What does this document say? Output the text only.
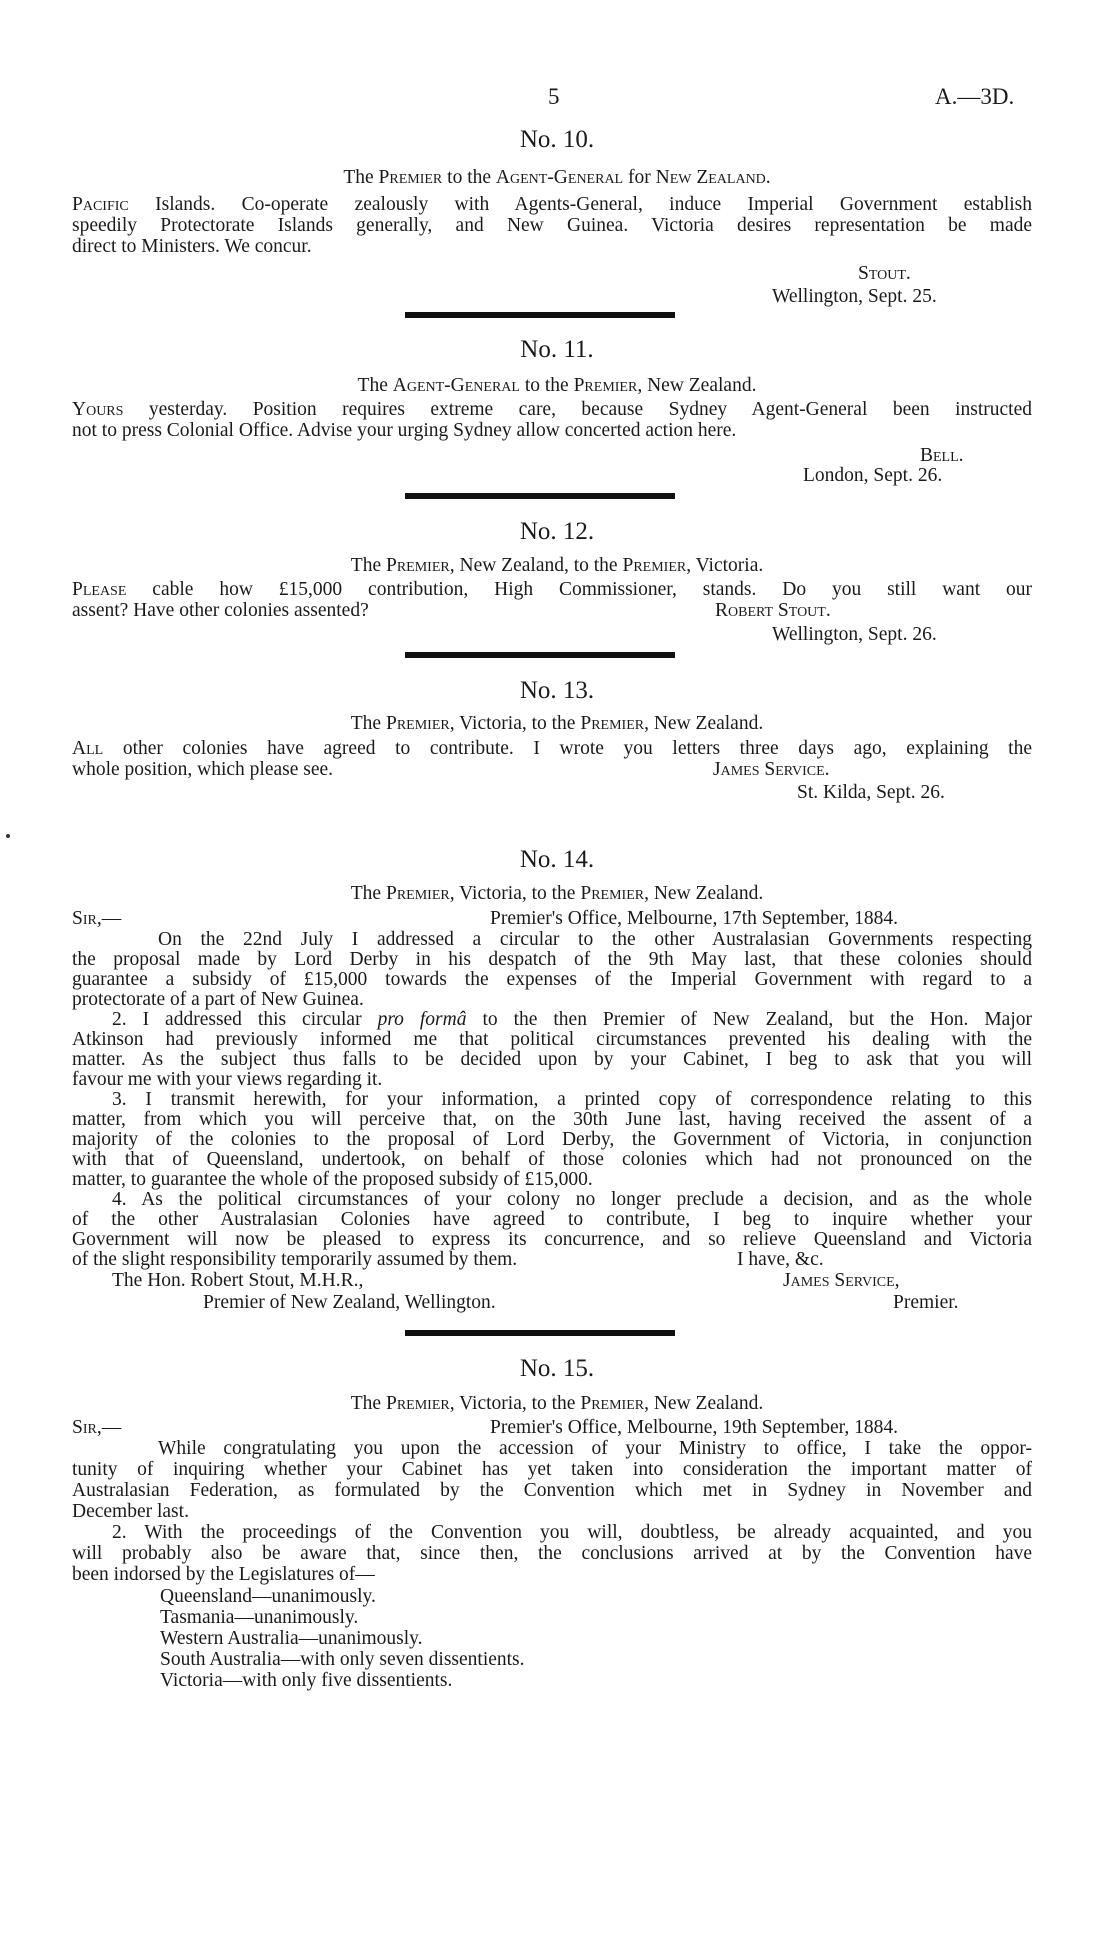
5	A.—3D.
No. 10.
The Premier to the Agent-General for New Zealand.
Pacific Islands. Co-operate zealously with Agents-General, induce Imperial Government establish
speedily Protectorate Islands generally, and New Guinea. Victoria desires representation be made
direct to Ministers. We concur.
Stout.
Wellington, Sept. 25.
No. 11.
The Agent-General to the Premier, New Zealand.
Yours yesterday. Position requires extreme care, because Sydney Agent-General been instructed
not to press Colonial Office. Advise your urging Sydney allow concerted action here.
Bell.
London, Sept. 26.
No. 12.
The Premier, New Zealand, to the Premier, Victoria.
Please cable how £15,000 contribution, High Commissioner, stands. Do you still want our
assent? Have other colonies assented?	Robert Stout.
Wellington, Sept. 26.
No. 13.
The Premier, Victoria, to the Premier, New Zealand.
All other colonies have agreed to contribute. I wrote you letters three days ago, explaining the
whole position, which please see.	James Service.
St. Kilda, Sept. 26.
No. 14.
The Premier, Victoria, to the Premier, New Zealand.
Sir,—	Premier's Office, Melbourne, 17th September, 1884.
On the 22nd July I addressed a circular to the other Australasian Governments respecting
the proposal made by Lord Derby in his despatch of the 9th May last, that these colonies should
guarantee a subsidy of £15,000 towards the expenses of the Imperial Government with regard to a
protectorate of a part of New Guinea.
2. I addressed this circular pro formâ to the then Premier of New Zealand, but the Hon. Major
Atkinson had previously informed me that political circumstances prevented his dealing with the
matter. As the subject thus falls to be decided upon by your Cabinet, I beg to ask that you will
favour me with your views regarding it.
3. I transmit herewith, for your information, a printed copy of correspondence relating to this
matter, from which you will perceive that, on the 30th June last, having received the assent of a
majority of the colonies to the proposal of Lord Derby, the Government of Victoria, in conjunction
with that of Queensland, undertook, on behalf of those colonies which had not pronounced on the
matter, to guarantee the whole of the proposed subsidy of £15,000.
4. As the political circumstances of your colony no longer preclude a decision, and as the whole
of the other Australasian Colonies have agreed to contribute, I beg to inquire whether your
Government will now be pleased to express its concurrence, and so relieve Queensland and Victoria
of the slight responsibility temporarily assumed by them.	I have, &c.
The Hon. Robert Stout, M.H.R.,	James Service,
Premier of New Zealand, Wellington.	Premier.
No. 15.
The Premier, Victoria, to the Premier, New Zealand.
Sir,—	Premier's Office, Melbourne, 19th September, 1884.
While congratulating you upon the accession of your Ministry to office, I take the oppor-
tunity of inquiring whether your Cabinet has yet taken into consideration the important matter of
Australasian Federation, as formulated by the Convention which met in Sydney in November and
December last.
2. With the proceedings of the Convention you will, doubtless, be already acquainted, and you
will probably also be aware that, since then, the conclusions arrived at by the Convention have
been indorsed by the Legislatures of—
Queensland—unanimously.
Tasmania—unanimously.
Western Australia—unanimously.
South Australia—with only seven dissentients.
Victoria—with only five dissentients.
